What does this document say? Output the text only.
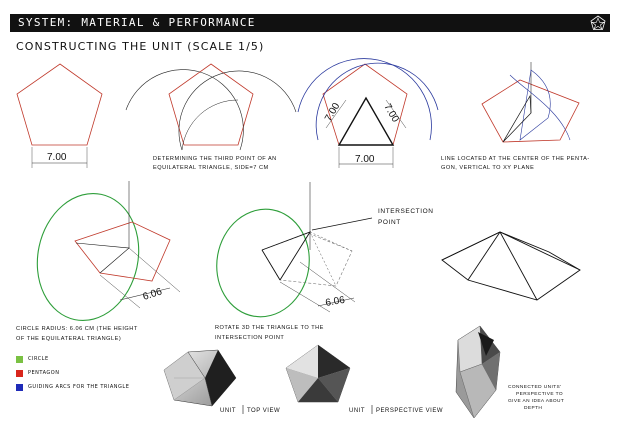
SYSTEM: MATERIAL & PERFORMANCE
CONSTRUCTING THE UNIT (SCALE 1/5)
7.00	DETERMINING THE THIRD POINT OF AN
EQUILATERAL TRIANGLE, SIDE=7 CM
7.00	7.00
7.00	LINE LOCATED AT THE CENTER OF THE PENTA-
GON, VERTICAL TO XY PLANE
6.06
CIRCLE RADIUS: 6.06 CM (THE HEIGHT
OF THE EQUILATERAL TRIANGLE)
6.06
INTERSECTION
POINT
ROTATE 3D THE TRIANGLE TO THE
INTERSECTION POINT
UNIT TOP VIEW	UNIT PERSPECTIVE VIEW
CONNECTED UNITS'
PERSPECTIVE TO
GIVE AN IDEA ABOUT
DEPTH
CIRCLE
PENTAGON
GUIDING ARCS FOR THE TRIANGLE
